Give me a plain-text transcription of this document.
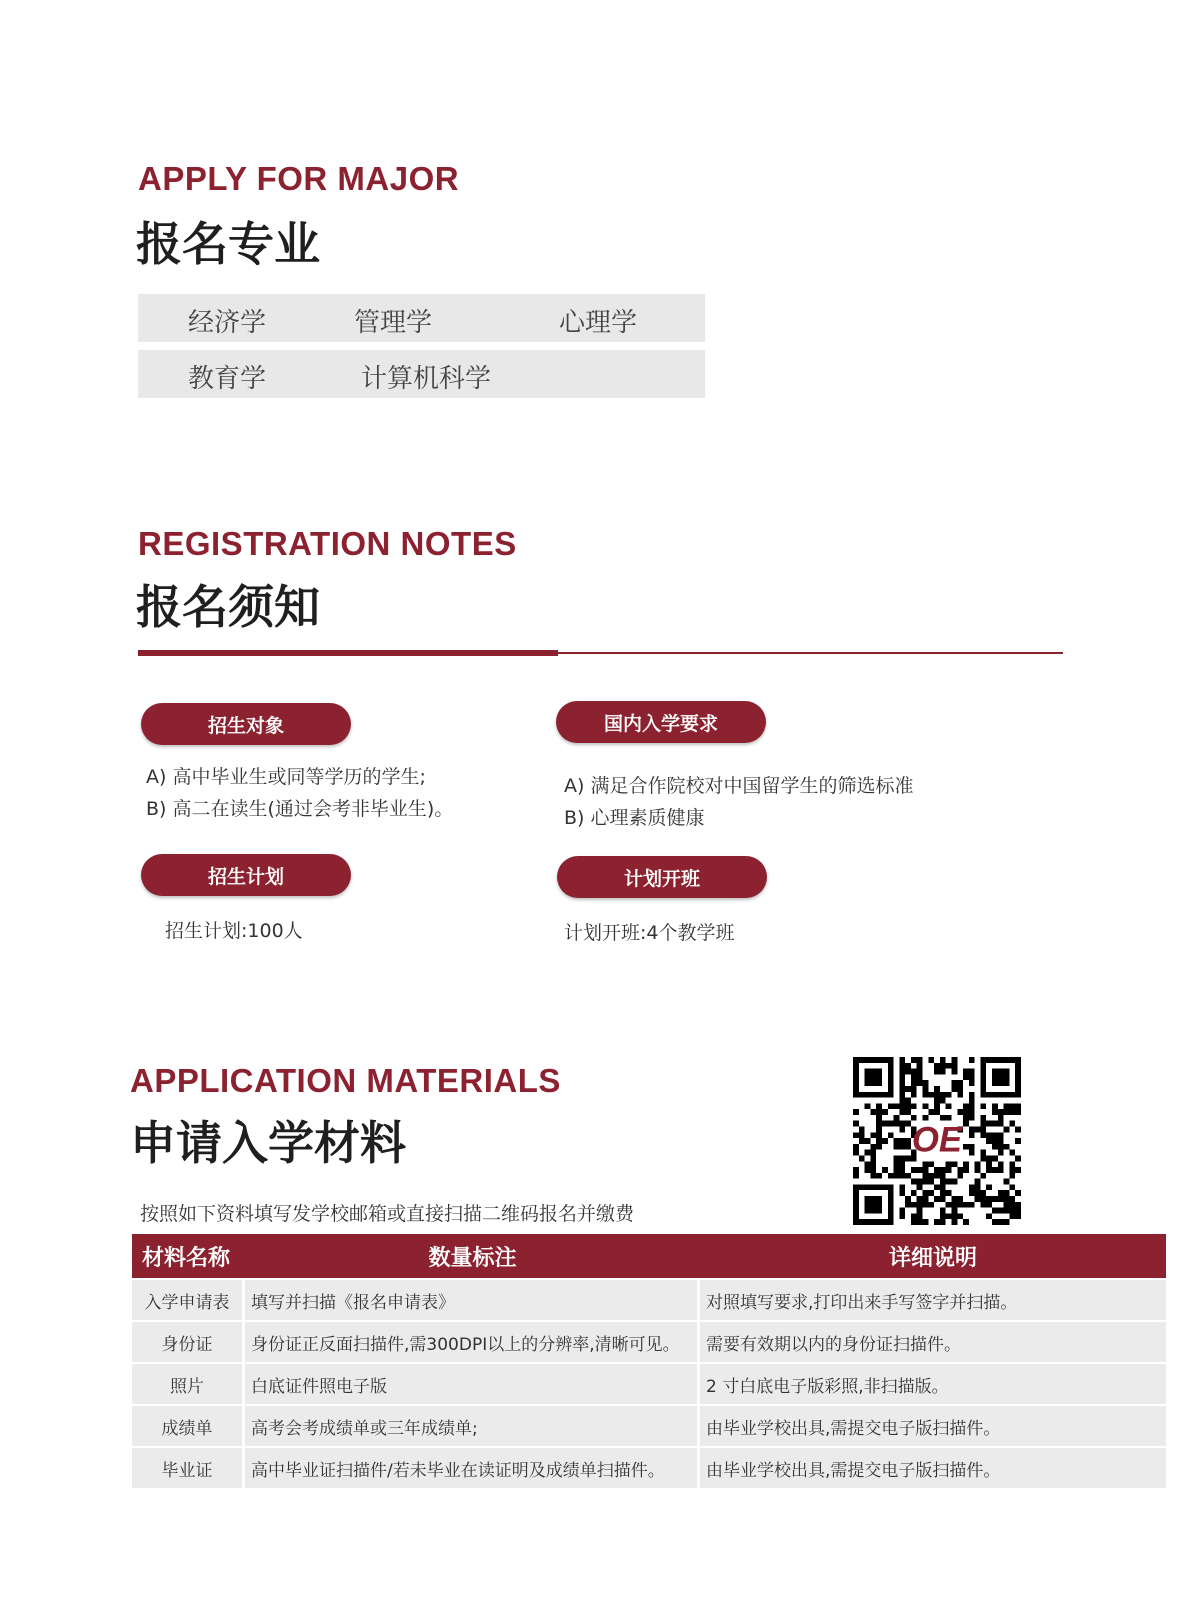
APPLY FOR MAJOR
报名专业
经济学	管理学	心理学
教育学	计算机科学
REGISTRATION NOTES
报名须知
招生对象
A) 高中毕业生或同等学历的学生;
B) 高二在读生(通过会考非毕业生)。
国内入学要求
A) 满足合作院校对中国留学生的筛选标准
B) 心理素质健康
招生计划
招生计划:100人
计划开班
计划开班:4个教学班
APPLICATION MATERIALS
申请入学材料
按照如下资料填写发学校邮箱或直接扫描二维码报名并缴费
OE
材料名称	数量标注	详细说明
入学申请表	填写并扫描《报名申请表》	对照填写要求,打印出来手写签字并扫描。
身份证	身份证正反面扫描件,需300DPI以上的分辨率,清晰可见。	需要有效期以内的身份证扫描件。
照片	白底证件照电子版	2 寸白底电子版彩照,非扫描版。
成绩单	高考会考成绩单或三年成绩单;	由毕业学校出具,需提交电子版扫描件。
毕业证	高中毕业证扫描件/若未毕业在读证明及成绩单扫描件。	由毕业学校出具,需提交电子版扫描件。
